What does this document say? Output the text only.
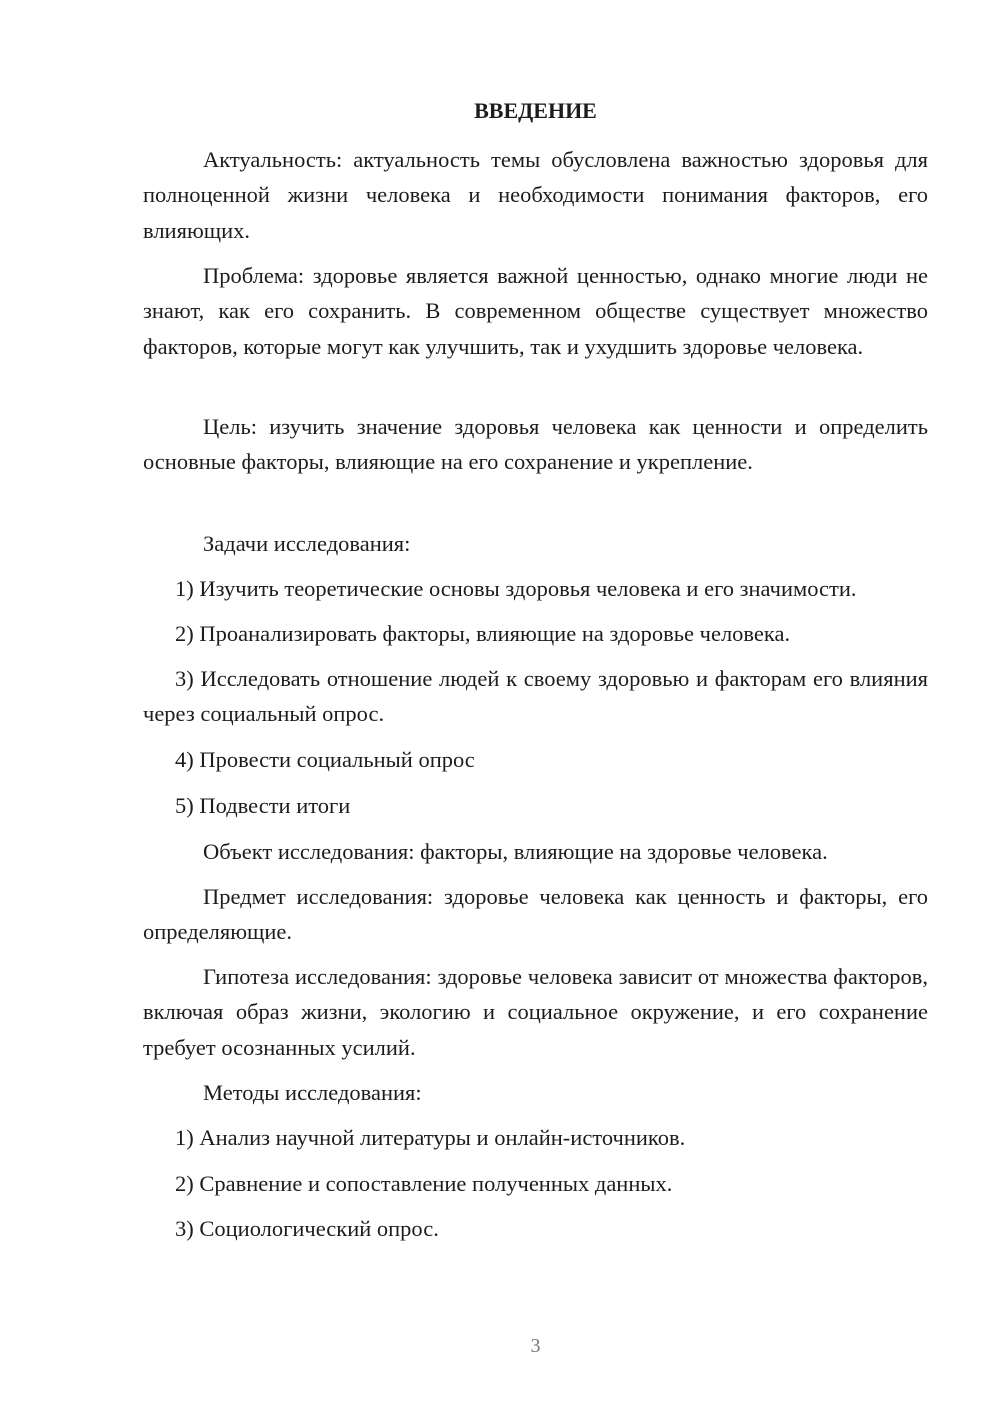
ВВЕДЕНИЕ

Актуальность: актуальность темы обусловлена важностью здоровья для полноценной жизни человека и необходимости понимания факторов, его влияющих.

Проблема: здоровье является важной ценностью, однако многие люди не знают, как его сохранить. В современном обществе существует множество факторов, которые могут как улучшить, так и ухудшить здоровье человека.

Цель: изучить значение здоровья человека как ценности и определить основные факторы, влияющие на его сохранение и укрепление.

Задачи исследования:

1) Изучить теоретические основы здоровья человека и его значимости.

2) Проанализировать факторы, влияющие на здоровье человека.

3) Исследовать отношение людей к своему здоровью и факторам его влияния через социальный опрос.

4) Провести социальный опрос

5) Подвести итоги

Объект исследования: факторы, влияющие на здоровье человека.

Предмет исследования: здоровье человека как ценность и факторы, его определяющие.

Гипотеза исследования: здоровье человека зависит от множества факторов, включая образ жизни, экологию и социальное окружение, и его сохранение требует осознанных усилий.

Методы исследования:

1) Анализ научной литературы и онлайн-источников.

2) Сравнение и сопоставление полученных данных.

3) Социологический опрос.

3
